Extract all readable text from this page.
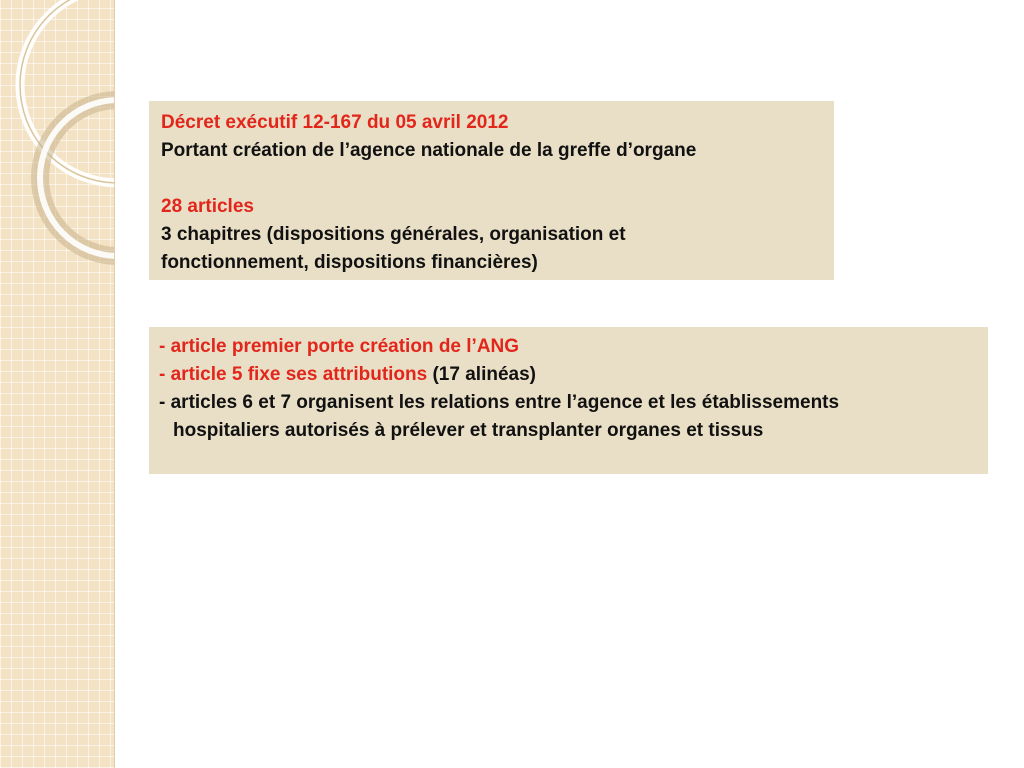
Décret exécutif 12-167 du 05 avril 2012
Portant création de l’agence nationale de la greffe d’organe
28 articles
3 chapitres (dispositions générales, organisation et
fonctionnement, dispositions financières)
- article premier porte création de l’ANG
- article 5 fixe ses attributions (17 alinéas)
- articles 6 et 7 organisent les relations entre l’agence et les établissements
hospitaliers autorisés à prélever et transplanter organes et tissus
